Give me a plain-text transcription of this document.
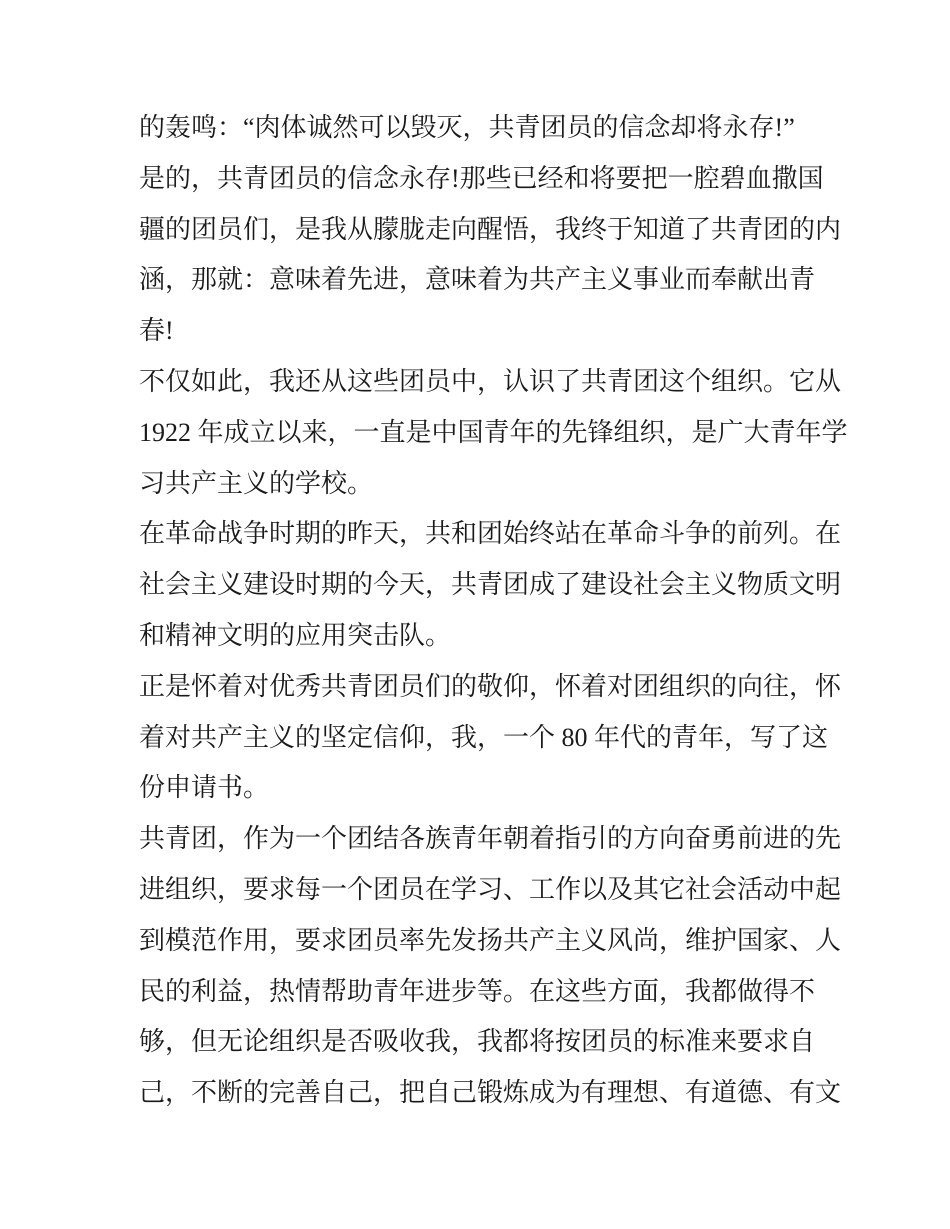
的轰鸣：“肉体诚然可以毁灭，共青团员的信念却将永存!”
是的，共青团员的信念永存!那些已经和将要把一腔碧血撒国
疆的团员们，是我从朦胧走向醒悟，我终于知道了共青团的内
涵，那就：意味着先进，意味着为共产主义事业而奉献出青
春!
不仅如此，我还从这些团员中，认识了共青团这个组织。它从
1922 年成立以来，一直是中国青年的先锋组织，是广大青年学
习共产主义的学校。
在革命战争时期的昨天，共和团始终站在革命斗争的前列。在
社会主义建设时期的今天，共青团成了建设社会主义物质文明
和精神文明的应用突击队。
正是怀着对优秀共青团员们的敬仰，怀着对团组织的向往，怀
着对共产主义的坚定信仰，我，一个 80 年代的青年，写了这
份申请书。
共青团，作为一个团结各族青年朝着指引的方向奋勇前进的先
进组织，要求每一个团员在学习、工作以及其它社会活动中起
到模范作用，要求团员率先发扬共产主义风尚，维护国家、人
民的利益，热情帮助青年进步等。在这些方面，我都做得不
够，但无论组织是否吸收我，我都将按团员的标准来要求自
己，不断的完善自己，把自己锻炼成为有理想、有道德、有文
